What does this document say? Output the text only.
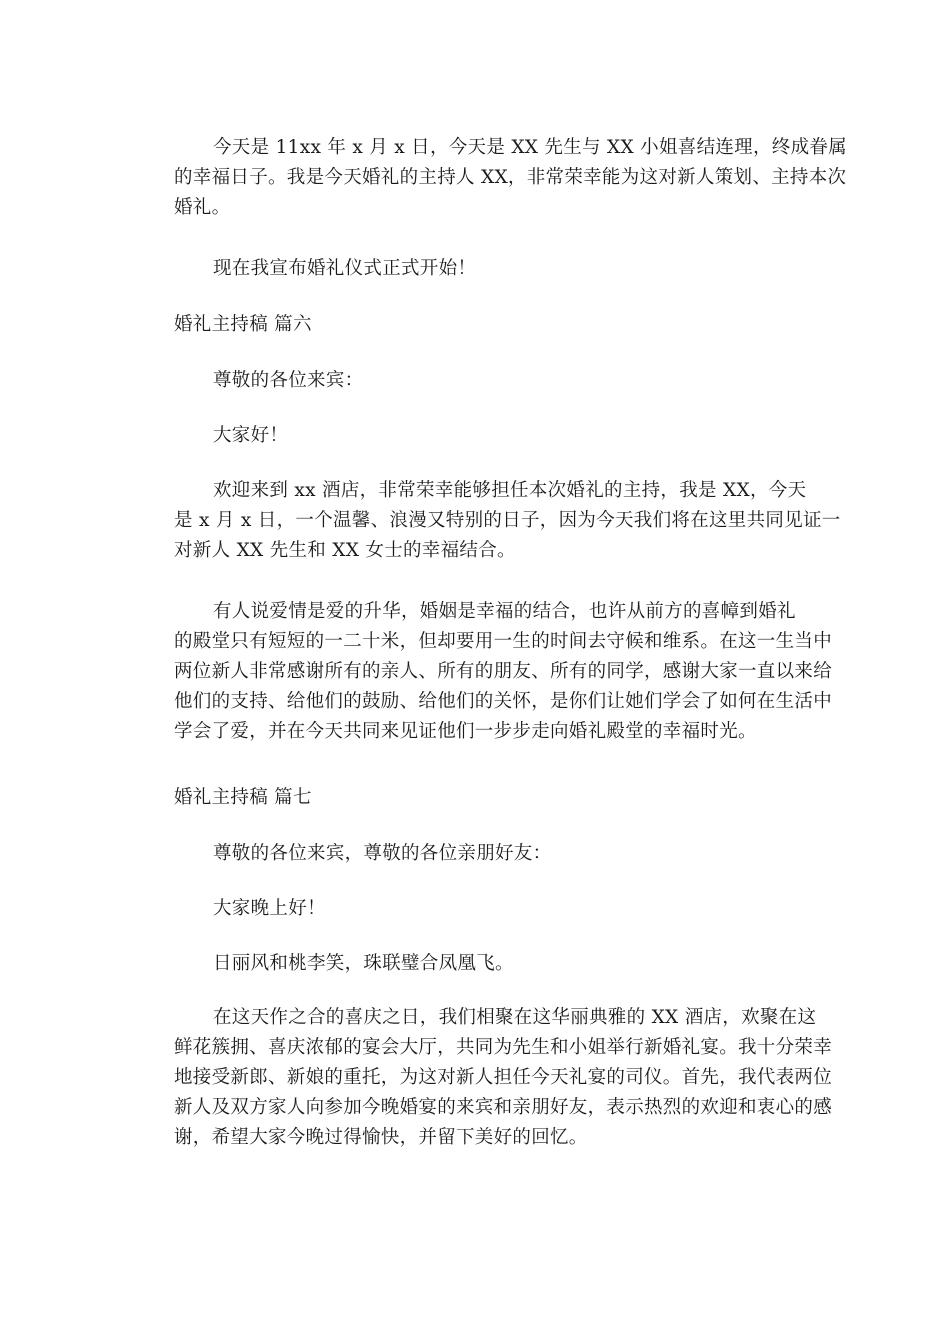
今天是 11xx 年 x 月 x 日，今天是 XX 先生与 XX 小姐喜结连理，终成眷属
的幸福日子。我是今天婚礼的主持人 XX，非常荣幸能为这对新人策划、主持本次
婚礼。
现在我宣布婚礼仪式正式开始！
婚礼主持稿 篇六
尊敬的各位来宾：
大家好！
欢迎来到 xx 酒店，非常荣幸能够担任本次婚礼的主持，我是 XX，今天
是 x 月 x 日，一个温馨、浪漫又特别的日子，因为今天我们将在这里共同见证一
对新人 XX 先生和 XX 女士的幸福结合。
有人说爱情是爱的升华，婚姻是幸福的结合，也许从前方的喜幛到婚礼
的殿堂只有短短的一二十米，但却要用一生的时间去守候和维系。在这一生当中
两位新人非常感谢所有的亲人、所有的朋友、所有的同学，感谢大家一直以来给
他们的支持、给他们的鼓励、给他们的关怀，是你们让她们学会了如何在生活中
学会了爱，并在今天共同来见证他们一步步走向婚礼殿堂的幸福时光。
婚礼主持稿 篇七
尊敬的各位来宾，尊敬的各位亲朋好友：
大家晚上好！
日丽风和桃李笑，珠联璧合凤凰飞。
在这天作之合的喜庆之日，我们相聚在这华丽典雅的 XX 酒店，欢聚在这
鲜花簇拥、喜庆浓郁的宴会大厅，共同为先生和小姐举行新婚礼宴。我十分荣幸
地接受新郎、新娘的重托，为这对新人担任今天礼宴的司仪。首先，我代表两位
新人及双方家人向参加今晚婚宴的来宾和亲朋好友，表示热烈的欢迎和衷心的感
谢，希望大家今晚过得愉快，并留下美好的回忆。
